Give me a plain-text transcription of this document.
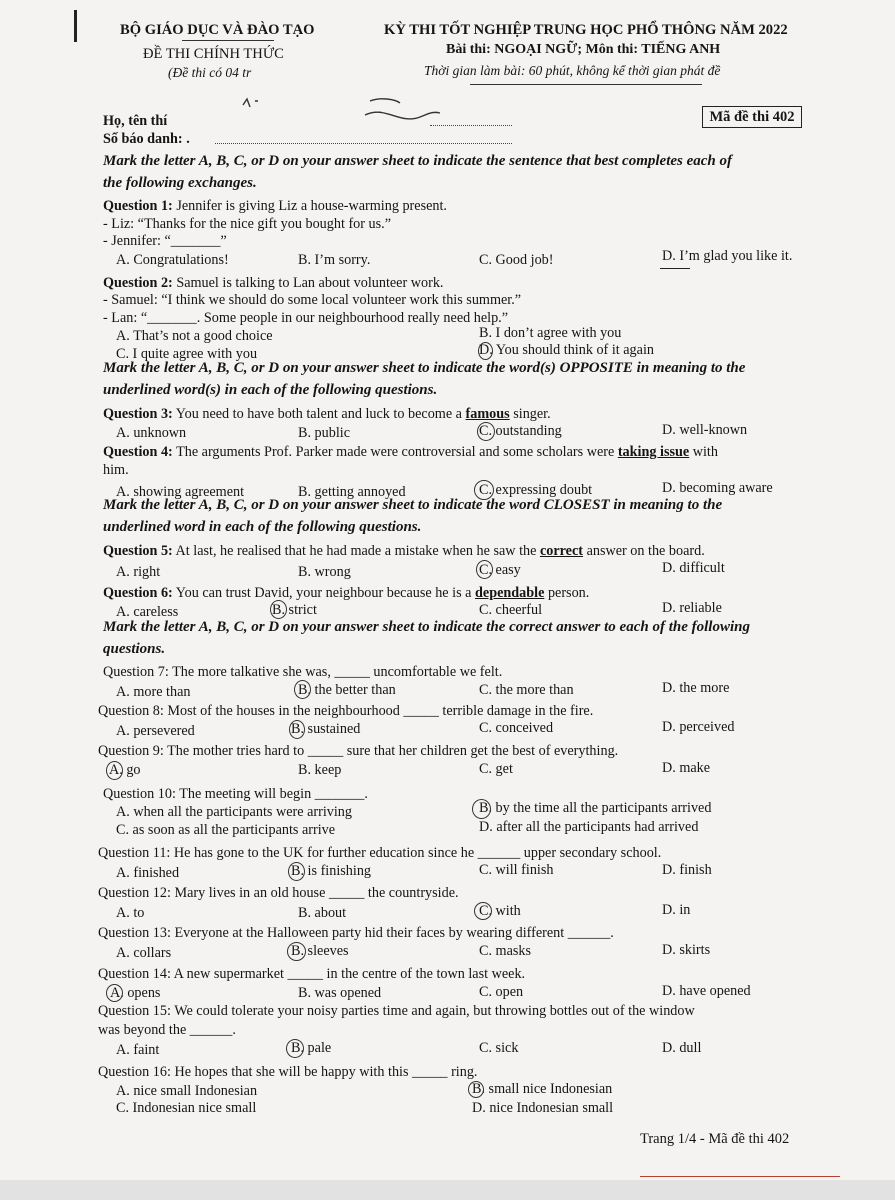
BỘ GIÁO DỤC VÀ ĐÀO TẠO
ĐỀ THI CHÍNH THỨC
(Đề thi có 04 tr
KỲ THI TỐT NGHIỆP TRUNG HỌC PHỔ THÔNG NĂM 2022
Bài thi: NGOẠI NGỮ; Môn thi: TIẾNG ANH
Thời gian làm bài: 60 phút, không kể thời gian phát đề
Họ, tên thí
Số báo danh: .
Mã đề thi 402
Mark the letter A, B, C, or D on your answer sheet to indicate the sentence that best completes each of
the following exchanges.
Question 1: Jennifer is giving Liz a house-warming present.
- Liz: “Thanks for the nice gift you bought for us.”
- Jennifer: “_______”
A. Congratulations!	B. I’m sorry.	C. Good job!	D. I’m glad you like it.
Question 2: Samuel is talking to Lan about volunteer work.
- Samuel: “I think we should do some local volunteer work this summer.”
- Lan: “_______. Some people in our neighbourhood really need help.”
A. That’s not a good choice	B. I don’t agree with you
C. I quite agree with you	D. You should think of it again
Mark the letter A, B, C, or D on your answer sheet to indicate the word(s) OPPOSITE in meaning to the
underlined word(s) in each of the following questions.
Question 3: You need to have both talent and luck to become a famous singer.
A. unknown	B. public	C. outstanding	D. well-known
Question 4: The arguments Prof. Parker made were controversial and some scholars were taking issue with
him.
A. showing agreement	B. getting annoyed	C. expressing doubt	D. becoming aware
Mark the letter A, B, C, or D on your answer sheet to indicate the word CLOSEST in meaning to the
underlined word in each of the following questions.
Question 5: At last, he realised that he had made a mistake when he saw the correct answer on the board.
A. right	B. wrong	C. easy	D. difficult
Question 6: You can trust David, your neighbour because he is a dependable person.
A. careless	B. strict	C. cheerful	D. reliable
Mark the letter A, B, C, or D on your answer sheet to indicate the correct answer to each of the following
questions.
Question 7: The more talkative she was, _____ uncomfortable we felt.
A. more than	B. the better than	C. the more than	D. the more
Question 8: Most of the houses in the neighbourhood _____ terrible damage in the fire.
A. persevered	B. sustained	C. conceived	D. perceived
Question 9: The mother tries hard to _____ sure that her children get the best of everything.
A. go	B. keep	C. get	D. make
Question 10: The meeting will begin _______.
A. when all the participants were arriving	B. by the time all the participants arrived
C. as soon as all the participants arrive	D. after all the participants had arrived
Question 11: He has gone to the UK for further education since he ______ upper secondary school.
A. finished	B. is finishing	C. will finish	D. finish
Question 12: Mary lives in an old house _____ the countryside.
A. to	B. about	C. with	D. in
Question 13: Everyone at the Halloween party hid their faces by wearing different ______.
A. collars	B. sleeves	C. masks	D. skirts
Question 14: A new supermarket _____ in the centre of the town last week.
A. opens	B. was opened	C. open	D. have opened
Question 15: We could tolerate your noisy parties time and again, but throwing bottles out of the window
was beyond the ______.
A. faint	B. pale	C. sick	D. dull
Question 16: He hopes that she will be happy with this _____ ring.
A. nice small Indonesian	B. small nice Indonesian
C. Indonesian nice small	D. nice Indonesian small
Trang 1/4 - Mã đề thi 402
